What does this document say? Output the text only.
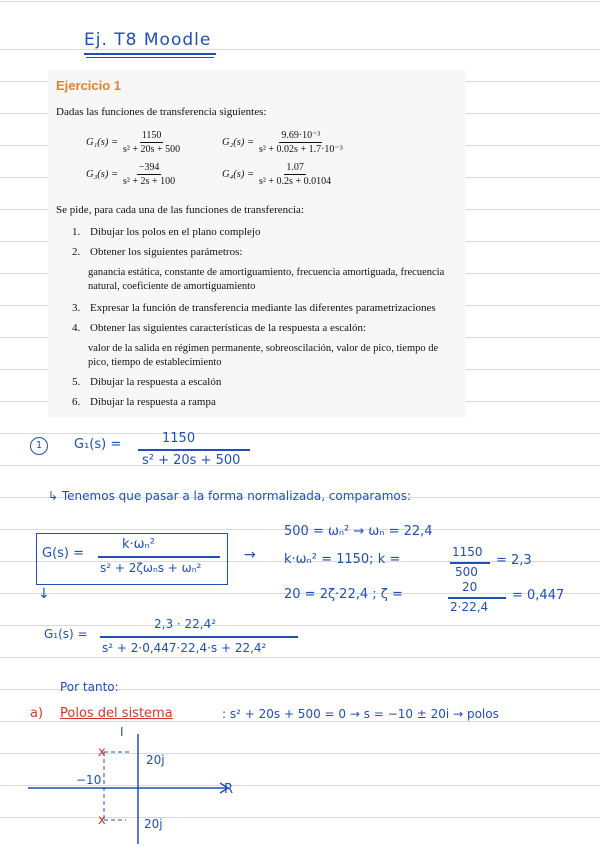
Ej. T8 Moodle
Ejercicio 1
Dadas las funciones de transferencia siguientes:
$G_1(s) = \frac{1150}{\text{s² + 20s + 500}}$	$G_2(s) = \frac{\text{9.69·10⁻³}}{\text{s² + 0.02s + 1.7·10⁻³}}$
$G_3(s) = \frac{-394}{\text{s² + 2s + 100}}$	$G_4(s) = \frac{1.07}{\text{s² + 0.2s + 0.0104}}$
Se pide, para cada una de las funciones de transferencia:
1. Dibujar los polos en el plano complejo
2. Obtener los siguientes parámetros:
ganancia estática, constante de amortiguamiento, frecuencia amortiguada, frecuencia natural, coeficiente de amortiguamiento
3. Expresar la función de transferencia mediante las diferentes parametrizaciones
4. Obtener las siguientes características de la respuesta a escalón:
valor de la salida en régimen permanente, sobreoscilación, valor de pico, tiempo de pico, tiempo de establecimiento
5. Dibujar la respuesta a escalón
6. Dibujar la respuesta a rampa
1	G₁(s) =	1150
s² + 20s + 500
↳ Tenemos que pasar a la forma normalizada, comparamos:
G(s) =
k·ωₙ²
s² + 2ζωₙs + ωₙ²
→
↓
500 = ωₙ² → ωₙ = 22,4
k·ωₙ² = 1150; k =	1150
500
= 2,3
20 = 2ζ·22,4 ; ζ =	20
2·22,4
= 0,447
G₁(s) =
2,3 · 22,4²
s² + 2·0,447·22,4·s + 22,4²
Por tanto:
a) Polos del sistema	: s² + 20s + 500 = 0 → s = −10 ± 20i → polos
I
R
20j
20j
−10
x
x
